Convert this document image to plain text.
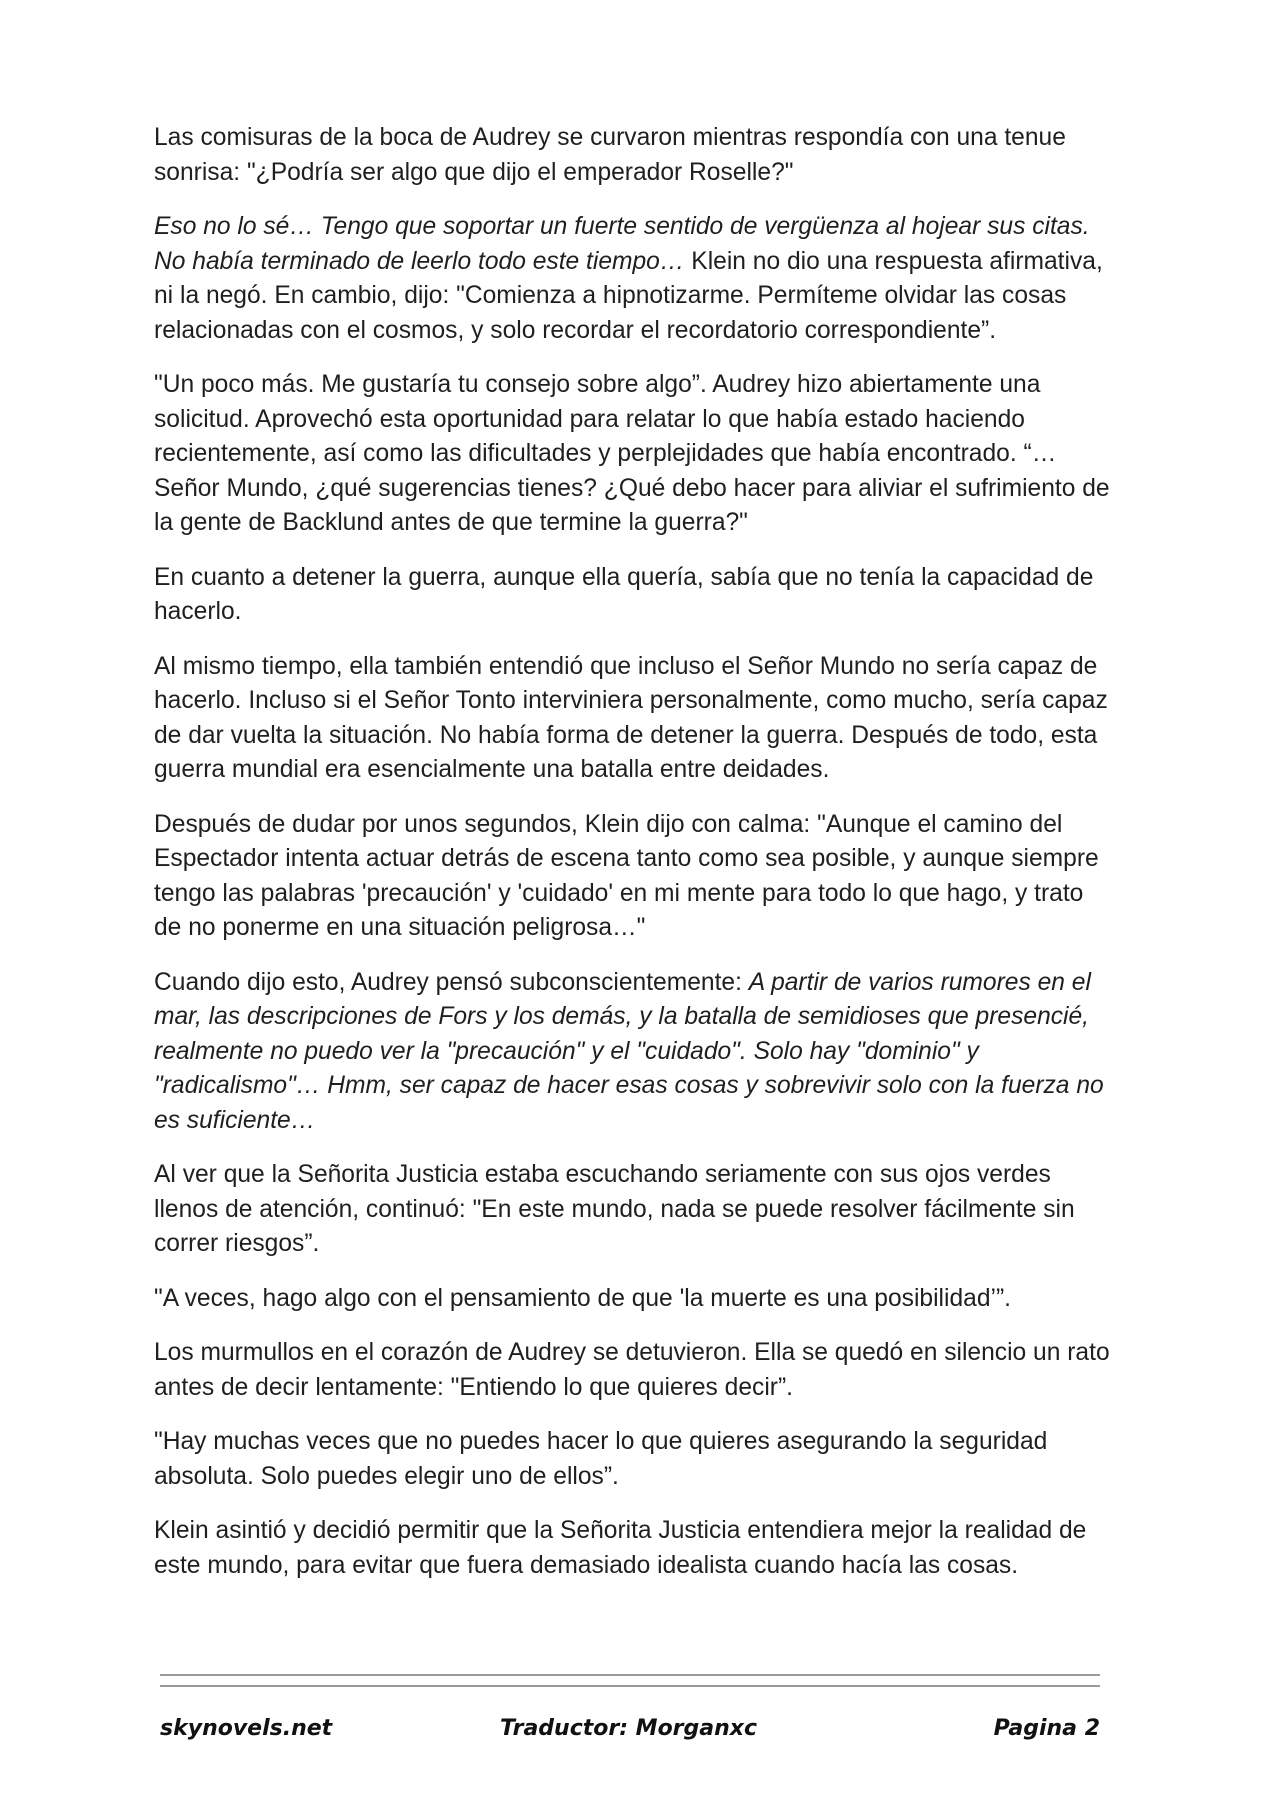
Las comisuras de la boca de Audrey se curvaron mientras respondía con una tenue sonrisa: "¿Podría ser algo que dijo el emperador Roselle?"

Eso no lo sé… Tengo que soportar un fuerte sentido de vergüenza al hojear sus citas. No había terminado de leerlo todo este tiempo… Klein no dio una respuesta afirmativa, ni la negó. En cambio, dijo: "Comienza a hipnotizarme. Permíteme olvidar las cosas relacionadas con el cosmos, y solo recordar el recordatorio correspondiente”.

"Un poco más. Me gustaría tu consejo sobre algo”. Audrey hizo abiertamente una solicitud. Aprovechó esta oportunidad para relatar lo que había estado haciendo recientemente, así como las dificultades y perplejidades que había encontrado. “…Señor Mundo, ¿qué sugerencias tienes? ¿Qué debo hacer para aliviar el sufrimiento de la gente de Backlund antes de que termine la guerra?"

En cuanto a detener la guerra, aunque ella quería, sabía que no tenía la capacidad de hacerlo.

Al mismo tiempo, ella también entendió que incluso el Señor Mundo no sería capaz de hacerlo. Incluso si el Señor Tonto interviniera personalmente, como mucho, sería capaz de dar vuelta la situación. No había forma de detener la guerra. Después de todo, esta guerra mundial era esencialmente una batalla entre deidades.

Después de dudar por unos segundos, Klein dijo con calma: "Aunque el camino del Espectador intenta actuar detrás de escena tanto como sea posible, y aunque siempre tengo las palabras 'precaución' y 'cuidado' en mi mente para todo lo que hago, y trato de no ponerme en una situación peligrosa…"

Cuando dijo esto, Audrey pensó subconscientemente: A partir de varios rumores en el mar, las descripciones de Fors y los demás, y la batalla de semidioses que presencié, realmente no puedo ver la "precaución" y el "cuidado". Solo hay "dominio" y "radicalismo"… Hmm, ser capaz de hacer esas cosas y sobrevivir solo con la fuerza no es suficiente…

Al ver que la Señorita Justicia estaba escuchando seriamente con sus ojos verdes llenos de atención, continuó: "En este mundo, nada se puede resolver fácilmente sin correr riesgos”.

"A veces, hago algo con el pensamiento de que 'la muerte es una posibilidad’”.

Los murmullos en el corazón de Audrey se detuvieron. Ella se quedó en silencio un rato antes de decir lentamente: "Entiendo lo que quieres decir”.

"Hay muchas veces que no puedes hacer lo que quieres asegurando la seguridad absoluta. Solo puedes elegir uno de ellos”.

Klein asintió y decidió permitir que la Señorita Justicia entendiera mejor la realidad de este mundo, para evitar que fuera demasiado idealista cuando hacía las cosas.

skynovels.net	Traductor: Morganxc	Pagina 2
